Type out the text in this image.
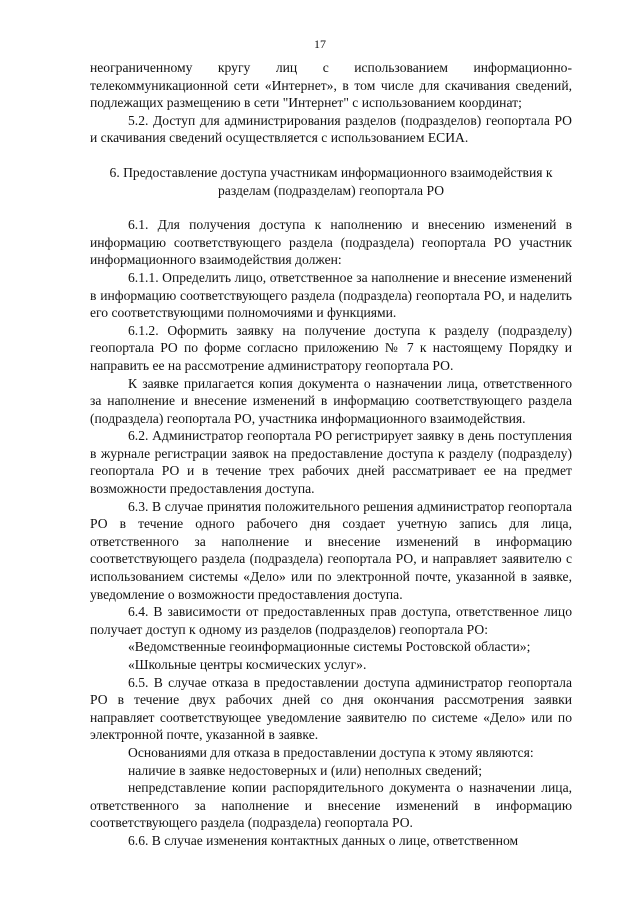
17

неограниченному кругу лиц с использованием информационно-телекоммуникационной сети «Интернет», в том числе для скачивания сведений, подлежащих размещению в сети "Интернет" с использованием координат;

5.2. Доступ для администрирования разделов (подразделов) геопортала РО и скачивания сведений осуществляется с использованием ЕСИА.

6. Предоставление доступа участникам информационного взаимодействия к разделам (подразделам) геопортала РО

6.1. Для получения доступа к наполнению и внесению изменений в информацию соответствующего раздела (подраздела) геопортала РО участник информационного взаимодействия должен:

6.1.1. Определить лицо, ответственное за наполнение и внесение изменений в информацию соответствующего раздела (подраздела) геопортала РО, и наделить его соответствующими полномочиями и функциями.

6.1.2. Оформить заявку на получение доступа к разделу (подразделу) геопортала РО по форме согласно приложению № 7 к настоящему Порядку и направить ее на рассмотрение администратору геопортала РО.

К заявке прилагается копия документа о назначении лица, ответственного за наполнение и внесение изменений в информацию соответствующего раздела (подраздела) геопортала РО, участника информационного взаимодействия.

6.2. Администратор геопортала РО регистрирует заявку в день поступления в журнале регистрации заявок на предоставление доступа к разделу (подразделу) геопортала РО и в течение трех рабочих дней рассматривает ее на предмет возможности предоставления доступа.

6.3. В случае принятия положительного решения администратор геопортала РО в течение одного рабочего дня создает учетную запись для лица, ответственного за наполнение и внесение изменений в информацию соответствующего раздела (подраздела) геопортала РО, и направляет заявителю с использованием системы «Дело» или по электронной почте, указанной в заявке, уведомление о возможности предоставления доступа.

6.4. В зависимости от предоставленных прав доступа, ответственное лицо получает доступ к одному из разделов (подразделов) геопортала РО:

«Ведомственные геоинформационные системы Ростовской области»;

«Школьные центры космических услуг».

6.5. В случае отказа в предоставлении доступа администратор геопортала РО в течение двух рабочих дней со дня окончания рассмотрения заявки направляет соответствующее уведомление заявителю по системе «Дело» или по электронной почте, указанной в заявке.

Основаниями для отказа в предоставлении доступа к этому являются:

наличие в заявке недостоверных и (или) неполных сведений;

непредставление копии распорядительного документа о назначении лица, ответственного за наполнение и внесение изменений в информацию соответствующего раздела (подраздела) геопортала РО.

6.6. В случае изменения контактных данных о лице, ответственном
